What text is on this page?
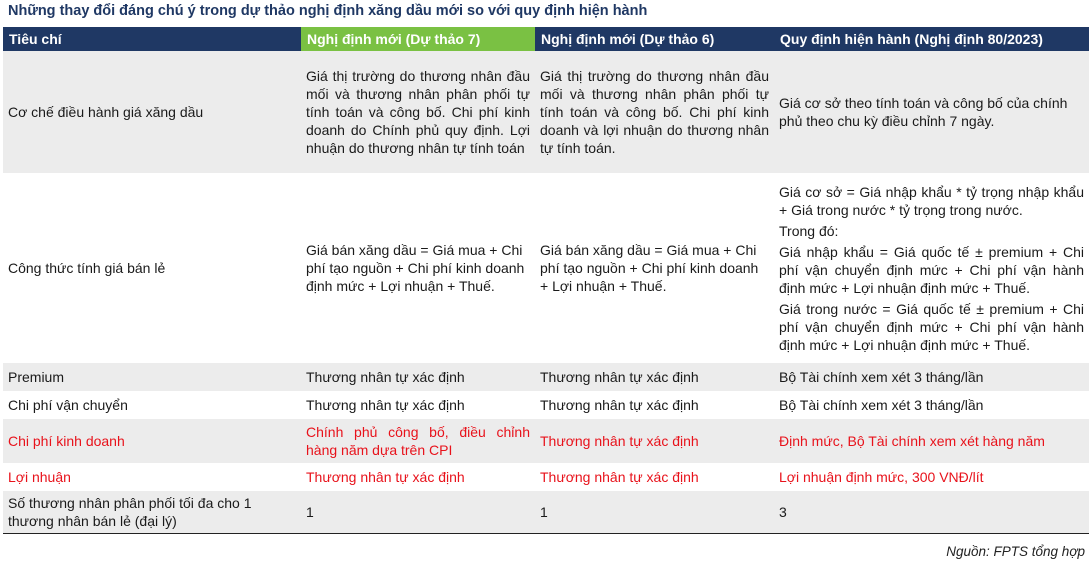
Những thay đổi đáng chú ý trong dự thảo nghị định xăng dầu mới so với quy định hiện hành
Tiêu chí	Nghị định mới (Dự thảo 7)	Nghị định mới (Dự thảo 6)	Quy định hiện hành (Nghị định 80/2023)
Cơ chế điều hành giá xăng dầu	Giá thị trường do thương nhân đầu mối và thương nhân phân phối tự tính toán và công bố. Chi phí kinh doanh do Chính phủ quy định. Lợi nhuận do thương nhân tự tính toán	Giá thị trường do thương nhân đầu mối và thương nhân phân phối tự tính toán và công bố. Chi phí kinh doanh và lợi nhuận do thương nhân tự tính toán.	Giá cơ sở theo tính toán và công bố của chính phủ theo chu kỳ điều chỉnh 7 ngày.
Công thức tính giá bán lẻ	Giá bán xăng dầu = Giá mua + Chi phí tạo nguồn + Chi phí kinh doanh định mức + Lợi nhuận + Thuế.	Giá bán xăng dầu = Giá mua + Chi phí tạo nguồn + Chi phí kinh doanh + Lợi nhuận + Thuế.	Giá cơ sở = Giá nhập khẩu * tỷ trọng nhập khẩu + Giá trong nước * tỷ trọng trong nước.
Trong đó:
Giá nhập khẩu = Giá quốc tế ± premium + Chi phí vận chuyển định mức + Chi phí vận hành định mức + Lợi nhuận định mức + Thuế.
Giá trong nước = Giá quốc tế ± premium + Chi phí vận chuyển định mức + Chi phí vận hành định mức + Lợi nhuận định mức + Thuế.

Premium	Thương nhân tự xác định	Thương nhân tự xác định	Bộ Tài chính xem xét 3 tháng/lần
Chi phí vận chuyển	Thương nhân tự xác định	Thương nhân tự xác định	Bộ Tài chính xem xét 3 tháng/lần
Chi phí kinh doanh	Chính phủ công bố, điều chỉnh hàng năm dựa trên CPI	Thương nhân tự xác định	Định mức, Bộ Tài chính xem xét hàng năm
Lợi nhuận	Thương nhân tự xác định	Thương nhân tự xác định	Lợi nhuận định mức, 300 VNĐ/lít
Số thương nhân phân phối tối đa cho 1 thương nhân bán lẻ (đại lý)	1	1	3
Nguồn: FPTS tổng hợp
